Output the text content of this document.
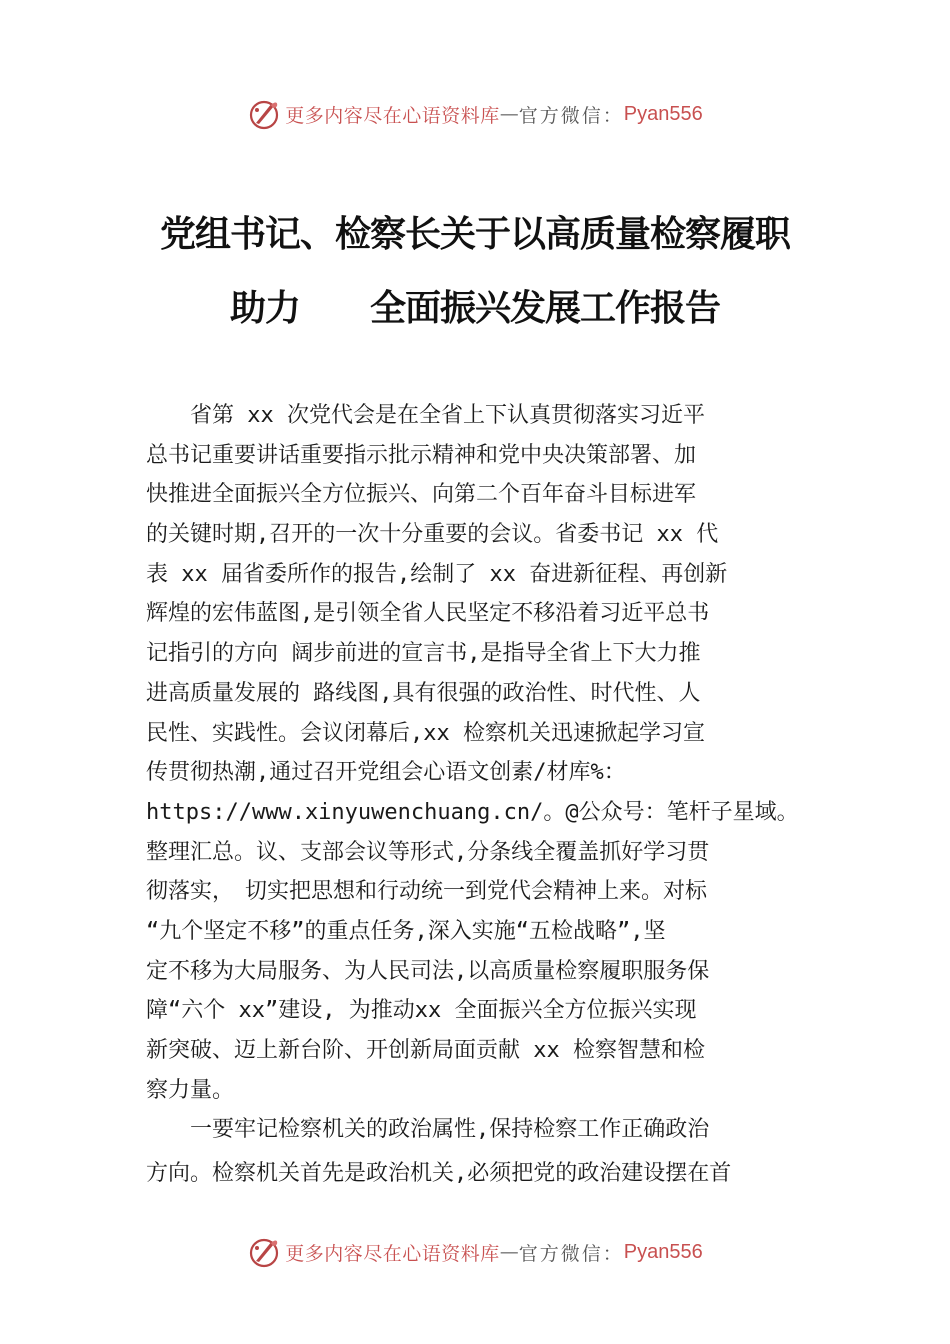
更多内容尽在心语资料库 — 官方微信： Pyan556
党组书记、检察长关于以高质量检察履职
助力　　全面振兴发展工作报告
　　省第 xx 次党代会是在全省上下认真贯彻落实习近平
总书记重要讲话重要指示批示精神和党中央决策部署、加
快推进全面振兴全方位振兴、向第二个百年奋斗目标进军
的关键时期,召开的一次十分重要的会议。省委书记 xx 代
表 xx 届省委所作的报告,绘制了 xx 奋进新征程、再创新
辉煌的宏伟蓝图,是引领全省人民坚定不移沿着习近平总书
记指引的方向 阔步前进的宣言书,是指导全省上下大力推
进高质量发展的 路线图,具有很强的政治性、时代性、人
民性、实践性。会议闭幕后,xx 检察机关迅速掀起学习宣
传贯彻热潮,通过召开党组会心语文创素/材库%：
https://www.xinyuwenchuang.cn/。@公众号：笔杆子星域。
整理汇总。议、支部会议等形式,分条线全覆盖抓好学习贯
彻落实，　切实把思想和行动统一到党代会精神上来。对标
“九个坚定不移”的重点任务,深入实施“五检战略”,坚
定不移为大局服务、为人民司法,以高质量检察履职服务保
障“六个 xx”建设, 为推动xx 全面振兴全方位振兴实现
新突破、迈上新台阶、开创新局面贡献 xx 检察智慧和检
察力量。
　　一要牢记检察机关的政治属性,保持检察工作正确政治
方向。检察机关首先是政治机关,必须把党的政治建设摆在首
更多内容尽在心语资料库 — 官方微信： Pyan556
